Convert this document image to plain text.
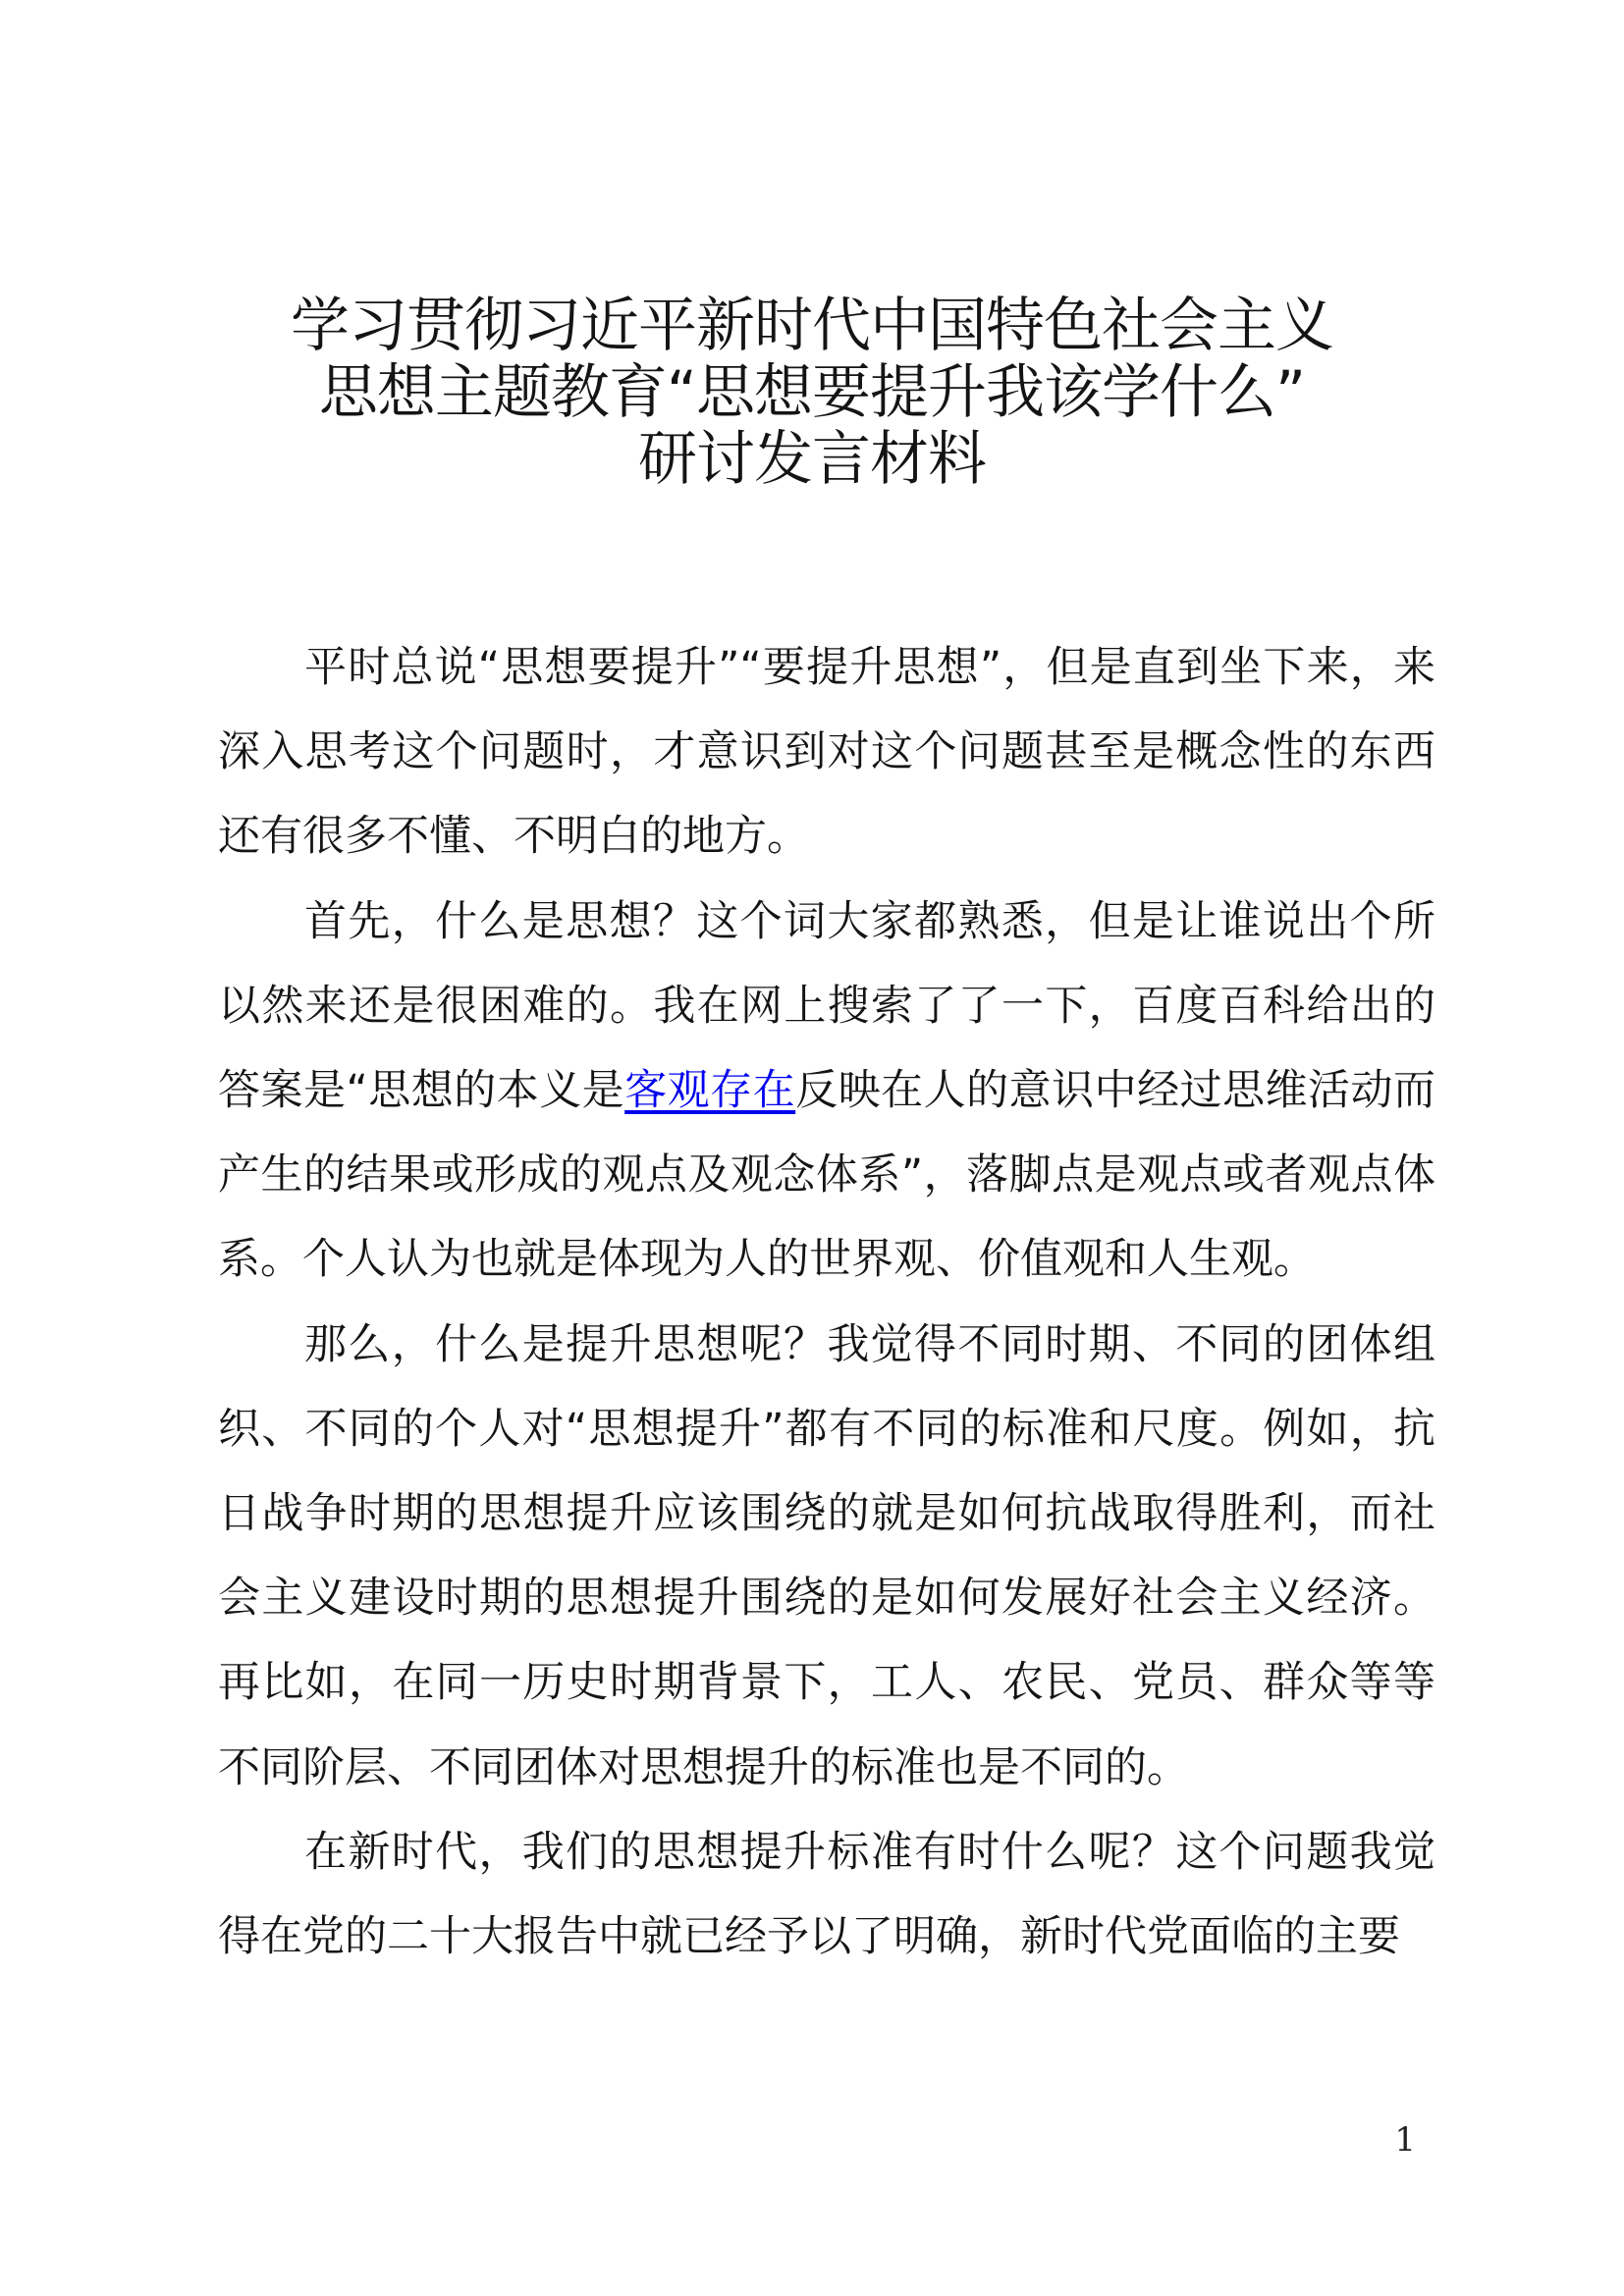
学习贯彻习近平新时代中国特色社会主义
思想主题教育“思想要提升我该学什么”
研讨发言材料

平时总说“思想要提升”“要提升思想”，但是直到坐下来，来深入思考这个问题时，才意识到对这个问题甚至是概念性的东西还有很多不懂、不明白的地方。

首先，什么是思想？这个词大家都熟悉，但是让谁说出个所以然来还是很困难的。我在网上搜索了了一下，百度百科给出的答案是“思想的本义是客观存在反映在人的意识中经过思维活动而产生的结果或形成的观点及观念体系”，落脚点是观点或者观点体系。个人认为也就是体现为人的世界观、价值观和人生观。

那么，什么是提升思想呢？我觉得不同时期、不同的团体组织、不同的个人对“思想提升”都有不同的标准和尺度。例如，抗日战争时期的思想提升应该围绕的就是如何抗战取得胜利，而社会主义建设时期的思想提升围绕的是如何发展好社会主义经济。再比如，在同一历史时期背景下，工人、农民、党员、群众等等不同阶层、不同团体对思想提升的标准也是不同的。

在新时代，我们的思想提升标准有时什么呢？这个问题我觉得在党的二十大报告中就已经予以了明确，新时代党面临的主要

1
